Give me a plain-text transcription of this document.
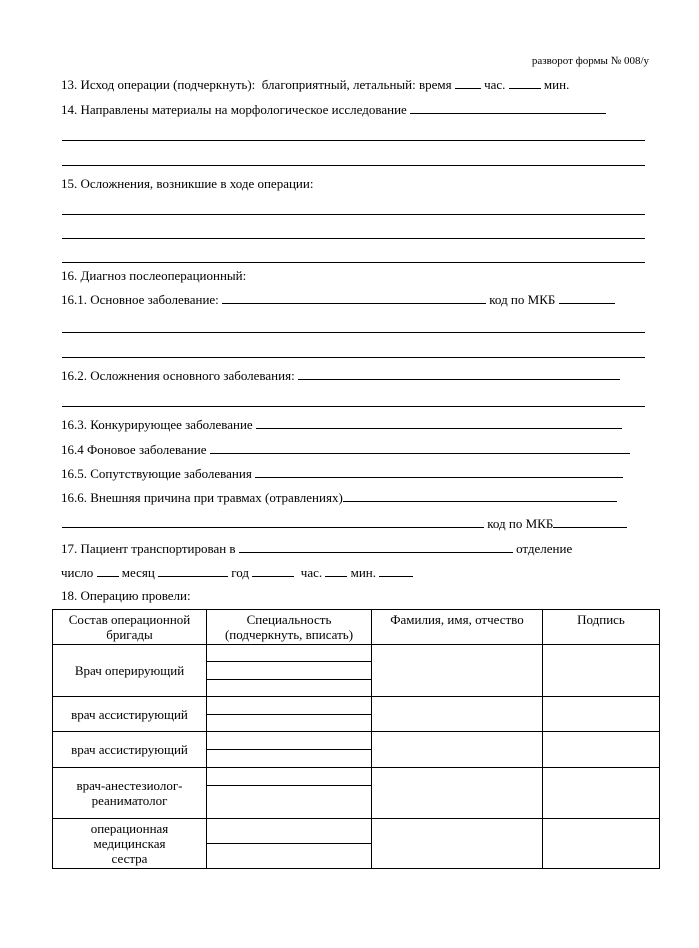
разворот формы № 008/у
13. Исход операции (подчеркнуть): благоприятный, летальный: время	час.	мин.
14. Направлены материалы на морфологическое исследование
15. Осложнения, возникшие в ходе операции:
16. Диагноз послеоперационный:
16.1. Основное заболевание:	код по МКБ
16.2. Осложнения основного заболевания:
16.3. Конкурирующее заболевание
16.4 Фоновое заболевание
16.5. Сопутствующие заболевания
16.6. Внешняя причина при травмах (отравлениях)
код по МКБ
17. Пациент транспортирован в	отделение
число месяц	год	час. мин.
18. Операцию провели:
Состав операционной бригады	Специальность (подчеркнуть, вписать)	Фамилия, имя, отчество	Подпись
Врач оперирующий	

врач ассистирующий	

врач ассистирующий	

врач-анестезиолог-реаниматолог	

операционная медицинская сестра	
